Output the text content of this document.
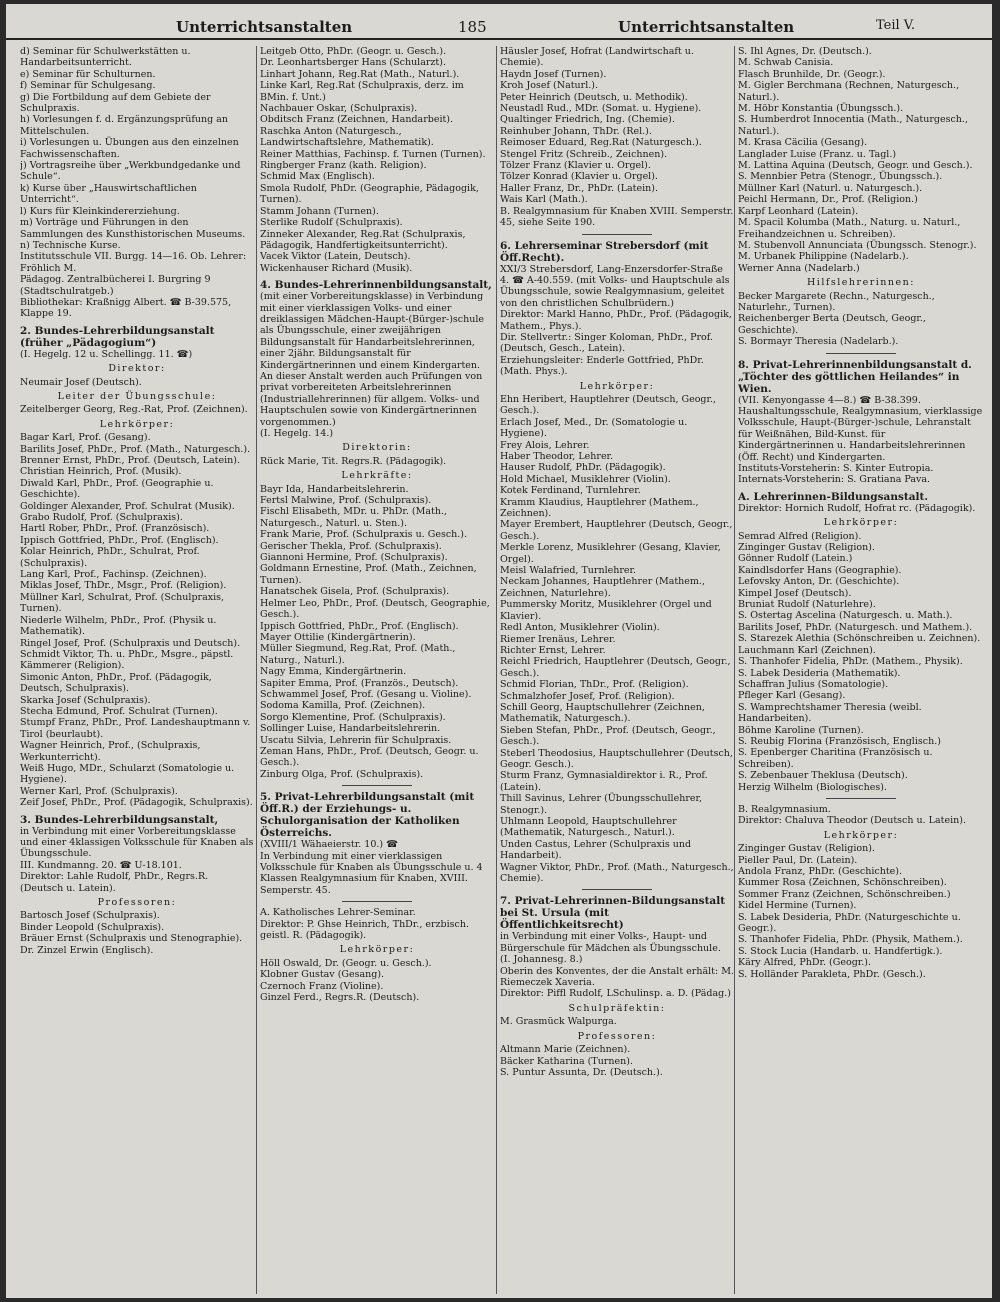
Unterrichtsanstalten	185	Unterrichtsanstalten	Teil V.
d) Seminar für Schulwerkstätten u. Handarbeitsunterricht.
e) Seminar für Schulturnen.
f) Seminar für Schulgesang.
g) Die Fortbildung auf dem Gebiete der Schulpraxis.
h) Vorlesungen f. d. Ergänzungsprüfung an Mittelschulen.
i) Vorlesungen u. Übungen aus den einzelnen Fachwissenschaften.
j) Vortragsreihe über „Werkbundgedanke und Schule“.
k) Kurse über „Hauswirtschaftlichen Unterricht“.
l) Kurs für Kleinkindererziehung.
m) Vorträge und Führungen in den Sammlungen des Kunsthistorischen Museums.
n) Technische Kurse.
Institutsschule VII. Burgg. 14—16. Ob. Lehrer: Fröhlich M.
Pädagog. Zentralbücherei I. Burgring 9 (Stadtschulratgeb.)
Bibliothekar: Kraßnigg Albert. ☎ B-39.575, Klappe 19.
2. Bundes-Lehrerbildungsanstalt (früher „Pädagogium“)
(I. Hegelg. 12 u. Schellingg. 11. ☎)
Direktor:
Neumair Josef (Deutsch).
Leiter der Übungsschule:
Zeitelberger Georg, Reg.-Rat, Prof. (Zeichnen).
Lehrkörper:
Bagar Karl, Prof. (Gesang).
Barilits Josef, PhDr., Prof. (Math., Naturgesch.).
Brenner Ernst, PhDr., Prof. (Deutsch, Latein).
Christian Heinrich, Prof. (Musik).
Diwald Karl, PhDr., Prof. (Geographie u. Geschichte).
Goldinger Alexander, Prof. Schulrat (Musik).
Grabo Rudolf, Prof. (Schulpraxis).
Hartl Rober, PhDr., Prof. (Französisch).
Ippisch Gottfried, PhDr., Prof. (Englisch).
Kolar Heinrich, PhDr., Schulrat, Prof. (Schulpraxis).
Lang Karl, Prof., Fachinsp. (Zeichnen).
Miklas Josef, ThDr., Msgr., Prof. (Religion).
Müllner Karl, Schulrat, Prof. (Schulpraxis, Turnen).
Niederle Wilhelm, PhDr., Prof. (Physik u. Mathematik).
Ringel Josef, Prof. (Schulpraxis und Deutsch).
Schmidt Viktor, Th. u. PhDr., Msgre., päpstl. Kämmerer (Religion).
Simonic Anton, PhDr., Prof. (Pädagogik, Deutsch, Schulpraxis).
Skarka Josef (Schulpraxis).
Stecha Edmund, Prof. Schulrat (Turnen).
Stumpf Franz, PhDr., Prof. Landeshauptmann v. Tirol (beurlaubt).
Wagner Heinrich, Prof., (Schulpraxis, Werkunterricht).
Weiß Hugo, MDr., Schularzt (Somatologie u. Hygiene).
Werner Karl, Prof. (Schulpraxis).
Zeif Josef, PhDr., Prof. (Pädagogik, Schulpraxis).
3. Bundes-Lehrerbildungsanstalt,
in Verbindung mit einer Vorbereitungsklasse und einer 4klassigen Volksschule für Knaben als Übungsschule.
III. Kundmanng. 20. ☎ U-18.101.
Direktor: Lahle Rudolf, PhDr., Regrs.R. (Deutsch u. Latein).
Professoren:
Bartosch Josef (Schulpraxis).
Binder Leopold (Schulpraxis).
Bräuer Ernst (Schulpraxis und Stenographie).
Dr. Zinzel Erwin (Englisch).
Leitgeb Otto, PhDr. (Geogr. u. Gesch.).
Dr. Leonhartsberger Hans (Schularzt).
Linhart Johann, Reg.Rat (Math., Naturl.).
Linke Karl, Reg.Rat (Schulpraxis, derz. im BMin. f. Unt.)
Nachbauer Oskar, (Schulpraxis).
Obditsch Franz (Zeichnen, Handarbeit).
Raschka Anton (Naturgesch., Landwirtschaftslehre, Mathematik).
Reiner Matthias, Fachinsp. f. Turnen (Turnen).
Ringberger Franz (kath. Religion).
Schmid Max (Englisch).
Smola Rudolf, PhDr. (Geographie, Pädagogik, Turnen).
Stamm Johann (Turnen).
Sterlike Rudolf (Schulpraxis).
Zinneker Alexander, Reg.Rat (Schulpraxis, Pädagogik, Handfertigkeitsunterricht).
Vacek Viktor (Latein, Deutsch).
Wickenhauser Richard (Musik).
4. Bundes-Lehrerinnenbildungsanstalt,
(mit einer Vorbereitungsklasse) in Verbindung mit einer vierklassigen Volks- und einer dreiklassigen Mädchen-Haupt-(Bürger-)schule als Übungsschule, einer zweijährigen Bildungsanstalt für Handarbeitslehrerinnen, einer 2jähr. Bildungsanstalt für Kindergärtnerinnen und einem Kindergarten. An dieser Anstalt werden auch Prüfungen von privat vorbereiteten Arbeitslehrerinnen (Industriallehrerinnen) für allgem. Volks- und Hauptschulen sowie von Kindergärtnerinnen vorgenommen.)
(I. Hegelg. 14.)
Direktorin:
Rück Marie, Tit. Regrs.R. (Pädagogik).
Lehrkräfte:
Bayr Ida, Handarbeitslehrerin.
Fertsl Malwine, Prof. (Schulpraxis).
Fischl Elisabeth, MDr. u. PhDr. (Math., Naturgesch., Naturl. u. Sten.).
Frank Marie, Prof. (Schulpraxis u. Gesch.).
Gerischer Thekla, Prof. (Schulpraxis).
Giannoni Hermine, Prof. (Schulpraxis).
Goldmann Ernestine, Prof. (Math., Zeichnen, Turnen).
Hanatschek Gisela, Prof. (Schulpraxis).
Helmer Leo, PhDr., Prof. (Deutsch, Geographie, Gesch.).
Ippisch Gottfried, PhDr., Prof. (Englisch).
Mayer Ottilie (Kindergärtnerin).
Müller Siegmund, Reg.Rat, Prof. (Math., Naturg., Naturl.).
Nagy Emma, Kindergärtnerin.
Sapiter Emma, Prof. (Französ., Deutsch).
Schwammel Josef, Prof. (Gesang u. Violine).
Sodoma Kamilla, Prof. (Zeichnen).
Sorgo Klementine, Prof. (Schulpraxis).
Sollinger Luise, Handarbeitslehrerin.
Uscatu Silvia, Lehrerin für Schulpraxis.
Zeman Hans, PhDr., Prof. (Deutsch, Geogr. u. Gesch.).
Zinburg Olga, Prof. (Schulpraxis).
5. Privat-Lehrerbildungsanstalt (mit Öff.R.) der Erziehungs- u. Schulorganisation der Katholiken Österreichs.
(XVIII/1 Wähaeierstr. 10.) ☎
In Verbindung mit einer vierklassigen Volksschule für Knaben als Übungsschule u. 4 Klassen Realgymnasium für Knaben, XVIII. Semperstr. 45.
A. Katholisches Lehrer-Seminar.
Direktor: P. Ghse Heinrich, ThDr., erzbisch. geistl. R. (Pädagogik).
Lehrkörper:
Höll Oswald, Dr. (Geogr. u. Gesch.).
Klobner Gustav (Gesang).
Czernoch Franz (Violine).
Ginzel Ferd., Regrs.R. (Deutsch).
Häusler Josef, Hofrat (Landwirtschaft u. Chemie).
Haydn Josef (Turnen).
Kroh Josef (Naturl.).
Peter Heinrich (Deutsch, u. Methodik).
Neustadl Rud., MDr. (Somat. u. Hygiene).
Qualtinger Friedrich, Ing. (Chemie).
Reinhuber Johann, ThDr. (Rel.).
Reimoser Eduard, Reg.Rat (Naturgesch.).
Stengel Fritz (Schreib., Zeichnen).
Tölzer Franz (Klavier u. Orgel).
Tölzer Konrad (Klavier u. Orgel).
Haller Franz, Dr., PhDr. (Latein).
Wais Karl (Math.).
B. Realgymnasium für Knaben XVIII. Semperstr. 45, siehe Seite 190.
6. Lehrerseminar Strebersdorf (mit Öff.Recht).
XXI/3 Strebersdorf, Lang-Enzersdorfer-Straße 4. ☎ A-40.559. (mit Volks- und Hauptschule als Übungsschule, sowie Realgymnasium, geleitet von den christlichen Schulbrüdern.)
Direktor: Markl Hanno, PhDr., Prof. (Pädagogik, Mathem., Phys.).
Dir. Stellvertr.: Singer Koloman, PhDr., Prof. (Deutsch, Gesch., Latein).
Erziehungsleiter: Enderle Gottfried, PhDr. (Math. Phys.).
Lehrkörper:
Ehn Heribert, Hauptlehrer (Deutsch, Geogr., Gesch.).
Erlach Josef, Med., Dr. (Somatologie u. Hygiene).
Frey Alois, Lehrer.
Haber Theodor, Lehrer.
Hauser Rudolf, PhDr. (Pädagogik).
Hold Michael, Musiklehrer (Violin).
Kotek Ferdinand, Turnlehrer.
Kramm Klaudius, Hauptlehrer (Mathem., Zeichnen).
Mayer Erembert, Hauptlehrer (Deutsch, Geogr., Gesch.).
Merkle Lorenz, Musiklehrer (Gesang, Klavier, Orgel).
Meisl Walafried, Turnlehrer.
Neckam Johannes, Hauptlehrer (Mathem., Zeichnen, Naturlehre).
Pummersky Moritz, Musiklehrer (Orgel und Klavier).
Redl Anton, Musiklehrer (Violin).
Riemer Irenäus, Lehrer.
Richter Ernst, Lehrer.
Reichl Friedrich, Hauptlehrer (Deutsch, Geogr., Gesch.).
Schmid Florian, ThDr., Prof. (Religion).
Schmalzhofer Josef, Prof. (Religion).
Schill Georg, Hauptschullehrer (Zeichnen, Mathematik, Naturgesch.).
Sieben Stefan, PhDr., Prof. (Deutsch, Geogr., Gesch.).
Steberl Theodosius, Hauptschullehrer (Deutsch, Geogr. Gesch.).
Sturm Franz, Gymnasialdirektor i. R., Prof. (Latein).
Thill Savinus, Lehrer (Übungsschullehrer, Stenogr.).
Uhlmann Leopold, Hauptschullehrer (Mathematik, Naturgesch., Naturl.).
Unden Castus, Lehrer (Schulpraxis und Handarbeit).
Wagner Viktor, PhDr., Prof. (Math., Naturgesch., Chemie).
7. Privat-Lehrerinnen-Bildungsanstalt bei St. Ursula (mit Öffentlichkeitsrecht)
in Verbindung mit einer Volks-, Haupt- und Bürgerschule für Mädchen als Übungsschule.
(I. Johannesg. 8.)
Oberin des Konventes, der die Anstalt erhält: M. Riemeczek Xaveria.
Direktor: Piffl Rudolf, LSchulinsp. a. D. (Pädag.)
Schulpräfektin:
M. Grasmück Walpurga.
Professoren:
Altmann Marie (Zeichnen).
Bäcker Katharina (Turnen).
S. Puntur Assunta, Dr. (Deutsch.).
S. Ihl Agnes, Dr. (Deutsch.).
M. Schwab Canisia.
Flasch Brunhilde, Dr. (Geogr.).
M. Gigler Berchmana (Rechnen, Naturgesch., Naturl.).
M. Höbr Konstantia (Übungssch.).
S. Humberdrot Innocentia (Math., Naturgesch., Naturl.).
M. Krasa Cäcilia (Gesang).
Langlader Luise (Franz. u. Tagl.)
M. Lattina Aquina (Deutsch, Geogr. und Gesch.).
S. Mennbier Petra (Stenogr., Übungssch.).
Müllner Karl (Naturl. u. Naturgesch.).
Peichl Hermann, Dr., Prof. (Religion.)
Karpf Leonhard (Latein).
M. Spacil Kolumba (Math., Naturg. u. Naturl., Freihandzeichnen u. Schreiben).
M. Stubenvoll Annunciata (Übungssch. Stenogr.).
M. Urbanek Philippine (Nadelarb.).
Werner Anna (Nadelarb.)
Hilfslehrerinnen:
Becker Margarete (Rechn., Naturgesch., Naturlehr., Turnen).
Reichenberger Berta (Deutsch, Geogr., Geschichte).
S. Bormayr Theresia (Nadelarb.).
8. Privat-Lehrerinnenbildungsanstalt d. „Töchter des göttlichen Heilandes“ in Wien.
(VII. Kenyongasse 4—8.) ☎ B-38.399.
Haushaltungsschule, Realgymnasium, vierklassige Volksschule, Haupt-(Bürger-)schule, Lehranstalt für Weißnähen, Bild-Kunst. für Kindergärtnerinnen u. Handarbeitslehrerinnen (Öff. Recht) und Kindergarten.
Instituts-Vorsteherin: S. Kinter Eutropia.
Internats-Vorsteherin: S. Gratiana Pava.
A. Lehrerinnen-Bildungsanstalt.
Direktor: Hornich Rudolf, Hofrat rc. (Pädagogik).
Lehrkörper:
Semrad Alfred (Religion).
Zinginger Gustav (Religion).
Gönner Rudolf (Latein.)
Kaindlsdorfer Hans (Geographie).
Lefovsky Anton, Dr. (Geschichte).
Kimpel Josef (Deutsch).
Bruniat Rudolf (Naturlehre).
S. Ostertag Ascelina (Naturgesch. u. Math.).
Barilits Josef, PhDr. (Naturgesch. und Mathem.).
S. Starezek Alethia (Schönschreiben u. Zeichnen).
Lauchmann Karl (Zeichnen).
S. Thanhofer Fidelia, PhDr. (Mathem., Physik).
S. Labek Desideria (Mathematik).
Schaffran Julius (Somatologie).
Pfleger Karl (Gesang).
S. Wamprechtshamer Theresia (weibl. Handarbeiten).
Böhme Karoline (Turnen).
S. Reubig Florina (Französisch, Englisch.)
S. Epenberger Charitina (Französisch u. Schreiben).
S. Zebenbauer Theklusa (Deutsch).
Herzig Wilhelm (Biologisches).
B. Realgymnasium.
Direktor: Chaluva Theodor (Deutsch u. Latein).
Lehrkörper:
Zinginger Gustav (Religion).
Pieller Paul, Dr. (Latein).
Andola Franz, PhDr. (Geschichte).
Kummer Rosa (Zeichnen, Schönschreiben).
Sommer Franz (Zeichnen, Schönschreiben.)
Kidel Hermine (Turnen).
S. Labek Desideria, PhDr. (Naturgeschichte u. Geogr.).
S. Thanhofer Fidelia, PhDr. (Physik, Mathem.).
S. Stock Lucia (Handarb. u. Handfertigk.).
Käry Alfred, PhDr. (Geogr.).
S. Holländer Parakleta, PhDr. (Gesch.).
